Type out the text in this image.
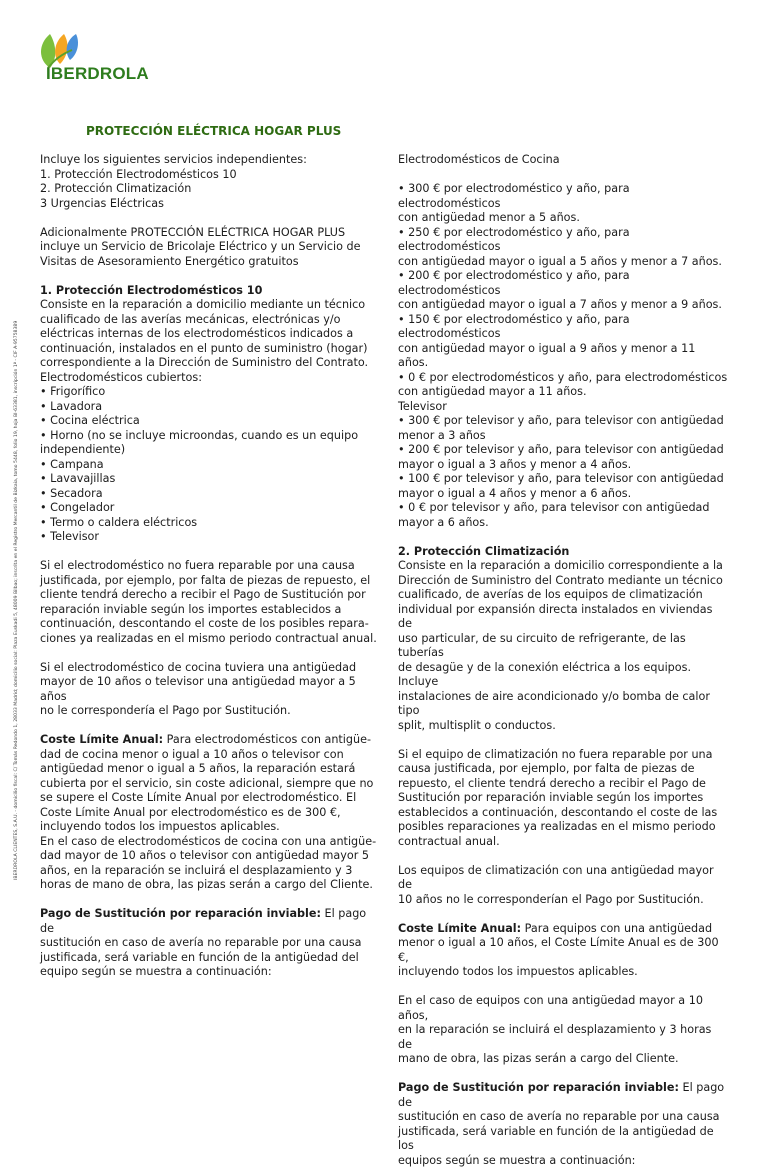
IBERDROLA
IBERDROLA CLIENTES, S.A.U. - domicilio fiscal: C/ Tomás Redondo 1, 28033 Madrid; domicilio social: Plaza Euskadi 5, 48009 Bilbao; inscrita en el Registro Mercantil de Bizkaia, tomo 5448, folio 19, hoja BI-63381, inscripción 1ª - CIF A-95758389
PROTECCIÓN ELÉCTRICA HOGAR PLUS

Incluye los siguientes servicios independientes:

1. Protección Electrodomésticos 10

2. Protección Climatización

3 Urgencias Eléctricas

Adicionalmente PROTECCIÓN ELÉCTRICA HOGAR PLUS

incluye un Servicio de Bricolaje Eléctrico y un Servicio de

Visitas de Asesoramiento Energético gratuitos

1. Protección Electrodomésticos 10

Consiste en la reparación a domicilio mediante un técnico

cualificado de las averías mecánicas, electrónicas y/o

eléctricas internas de los electrodomésticos indicados a

continuación, instalados en el punto de suministro (hogar)

correspondiente a la Dirección de Suministro del Contrato.

Electrodomésticos cubiertos:

• Frigorífico

• Lavadora

• Cocina eléctrica

• Horno (no se incluye microondas, cuando es un equipo

independiente)

• Campana

• Lavavajillas

• Secadora

• Congelador

• Termo o caldera eléctricos

• Televisor

Si el electrodoméstico no fuera reparable por una causa

justificada, por ejemplo, por falta de piezas de repuesto, el

cliente tendrá derecho a recibir el Pago de Sustitución por

reparación inviable según los importes establecidos a

continuación, descontando el coste de los posibles repara-

ciones ya realizadas en el mismo periodo contractual anual.

Si el electrodoméstico de cocina tuviera una antigüedad

mayor de 10 años o televisor una antigüedad mayor a 5 años

no le correspondería el Pago por Sustitución.

Coste Límite Anual: Para electrodomésticos con antigüe-

dad de cocina menor o igual a 10 años o televisor con

antigüedad menor o igual a 5 años, la reparación estará

cubierta por el servicio, sin coste adicional, siempre que no

se supere el Coste Límite Anual por electrodoméstico. El

Coste Límite Anual por electrodoméstico es de 300 €,

incluyendo todos los impuestos aplicables.

En el caso de electrodomésticos de cocina con una antigüe-

dad mayor de 10 años o televisor con antigüedad mayor 5

años, en la reparación se incluirá el desplazamiento y 3

horas de mano de obra, las pizas serán a cargo del Cliente.

Pago de Sustitución por reparación inviable: El pago de

sustitución en caso de avería no reparable por una causa

justificada, será variable en función de la antigüedad del

equipo según se muestra a continuación:

Electrodomésticos de Cocina

• 300 € por electrodoméstico y año, para electrodomésticos

con antigüedad menor a 5 años.

• 250 € por electrodoméstico y año, para electrodomésticos

con antigüedad mayor o igual a 5 años y menor a 7 años.

• 200 € por electrodoméstico y año, para electrodomésticos

con antigüedad mayor o igual a 7 años y menor a 9 años.

• 150 € por electrodoméstico y año, para electrodomésticos

con antigüedad mayor o igual a 9 años y menor a 11 años.

• 0 € por electrodomésticos y año, para electrodomésticos

con antigüedad mayor a 11 años.

Televisor

• 300 € por televisor y año, para televisor con antigüedad

menor a 3 años

• 200 € por televisor y año, para televisor con antigüedad

mayor o igual a 3 años y menor a 4 años.

• 100 € por televisor y año, para televisor con antigüedad

mayor o igual a 4 años y menor a 6 años.

• 0 € por televisor y año, para televisor con antigüedad

mayor a 6 años.

2. Protección Climatización

Consiste en la reparación a domicilio correspondiente a la

Dirección de Suministro del Contrato mediante un técnico

cualificado, de averías de los equipos de climatización

individual por expansión directa instalados en viviendas de

uso particular, de su circuito de refrigerante, de las tuberías

de desagüe y de la conexión eléctrica a los equipos. Incluye

instalaciones de aire acondicionado y/o bomba de calor tipo

split, multisplit o conductos.

Si el equipo de climatización no fuera reparable por una

causa justificada, por ejemplo, por falta de piezas de

repuesto, el cliente tendrá derecho a recibir el Pago de

Sustitución por reparación inviable según los importes

establecidos a continuación, descontando el coste de las

posibles reparaciones ya realizadas en el mismo periodo

contractual anual.

Los equipos de climatización con una antigüedad mayor de

10 años no le corresponderían el Pago por Sustitución.

Coste Límite Anual: Para equipos con una antigüedad

menor o igual a 10 años, el Coste Límite Anual es de 300 €,

incluyendo todos los impuestos aplicables.

En el caso de equipos con una antigüedad mayor a 10 años,

en la reparación se incluirá el desplazamiento y 3 horas de

mano de obra, las pizas serán a cargo del Cliente.

Pago de Sustitución por reparación inviable: El pago de

sustitución en caso de avería no reparable por una causa

justificada, será variable en función de la antigüedad de los

equipos según se muestra a continuación:
